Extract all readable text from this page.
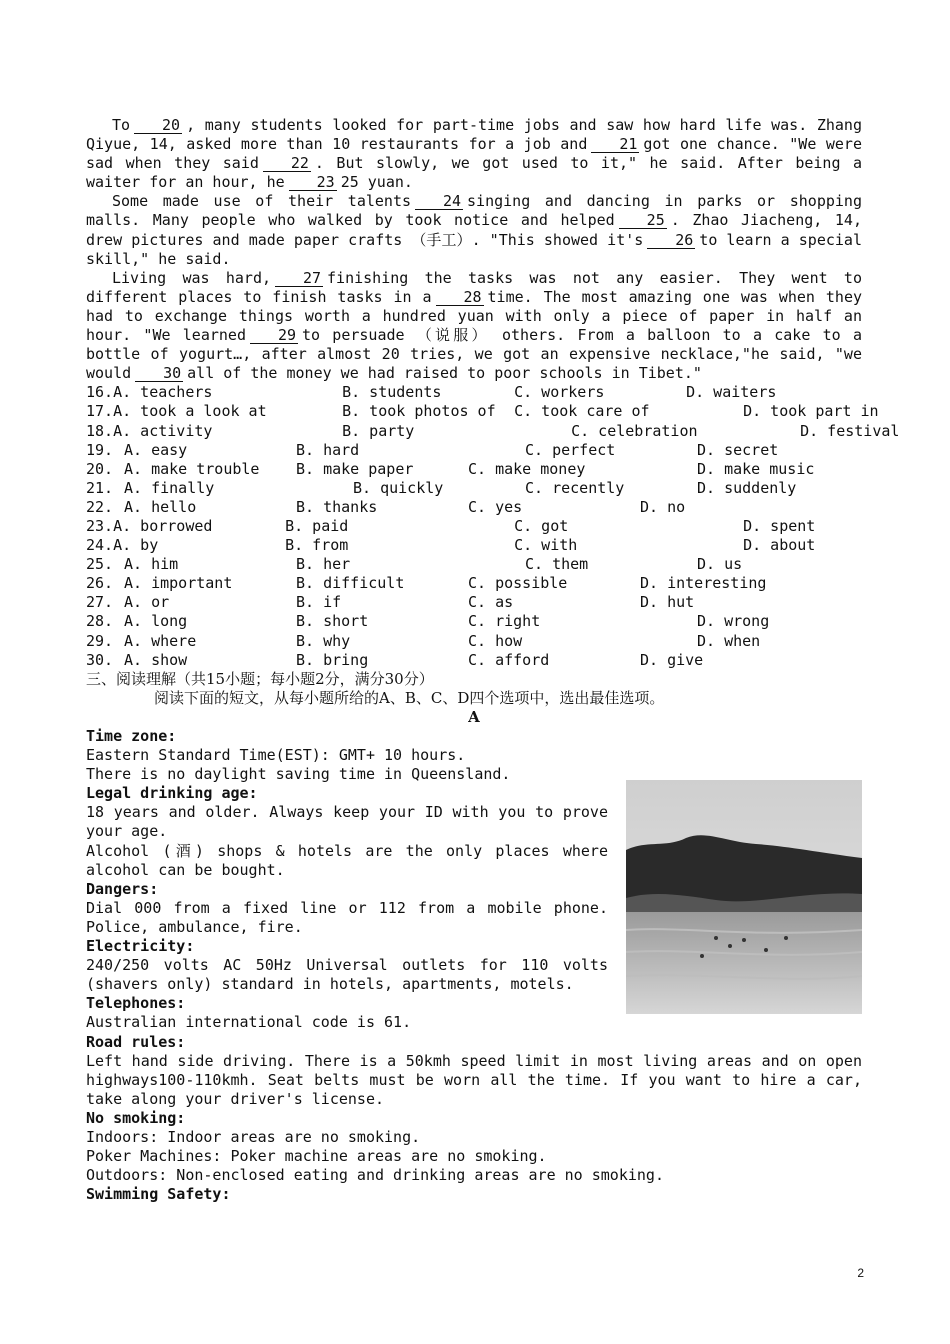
To 20 , many students looked for part-time jobs and saw how hard life was. Zhang Qiyue, 14, asked more than 10 restaurants for a job and 21 got one chance. "We were sad when they said 22 . But slowly, we got used to it," he said. After being a waiter for an hour, he 23 25 yuan.

Some made use of their talents 24 singing and dancing in parks or shopping malls. Many people who walked by took notice and helped 25 . Zhao Jiacheng, 14, drew pictures and made paper crafts （手工）. "This showed it's 26 to learn a special skill," he said.

Living was hard, 27 finishing the tasks was not any easier. They went to different places to finish tasks in a 28 time. The most amazing one was when they had to exchange things worth a hundred yuan with only a piece of paper in half an hour. "We learned 29 to persuade （说服） others. From a balloon to a cake to a bottle of yogurt…, after almost 20 tries, we got an expensive necklace,"he said, "we would 30 all of the money we had raised to poor schools in Tibet."

16. A. teachers	B. students	C. workers	D. waiters
17. A. took a look at	B. took photos of	C. took care of	D. took part in
18. A. activity	B. party	C. celebration	D. festival
19. A. easy	B. hard	C. perfect	D. secret
20. A. make trouble	B. make paper	C. make money	D. make music
21. A. finally	B. quickly	C. recently	D. suddenly
22. A. hello	B. thanks	C. yes	D. no
23. A. borrowed	B. paid	C. got	D. spent
24. A. by	B. from	C. with	D. about
25. A. him	B. her	C. them	D. us
26. A. important	B. difficult	C. possible	D. interesting
27. A. or	B. if	C. as	D. hut
28. A. long	B. short	C. right	D. wrong
29. A. where	B. why	C. how	D. when
30. A. show	B. bring	C. afford	D. give
三、阅读理解（共15小题；每小题2分，满分30分）
阅读下面的短文，从每小题所给的A、B、C、D四个选项中，选出最佳选项。
A
Time zone:
Eastern Standard Time(EST): GMT+ 10 hours.
There is no daylight saving time in Queensland.
Legal drinking age:
18 years and older. Always keep your ID with you to prove your age.
Alcohol (酒) shops & hotels are the only places where alcohol can be bought.
Dangers:
Dial 000 from a fixed line or 112 from a mobile phone. Police, ambulance, fire.
Electricity:
240/250 volts AC 50Hz Universal outlets for 110 volts (shavers only) standard in hotels, apartments, motels.
Telephones:
Australian international code is 61.
Road rules:
Left hand side driving. There is a 50kmh speed limit in most living areas and on open highways100-110kmh. Seat belts must be worn all the time. If you want to hire a car, take along your driver's license.
No smoking:
Indoors: Indoor areas are no smoking.
Poker Machines: Poker machine areas are no smoking.
Outdoors: Non-enclosed eating and drinking areas are no smoking.
Swimming Safety:
2
